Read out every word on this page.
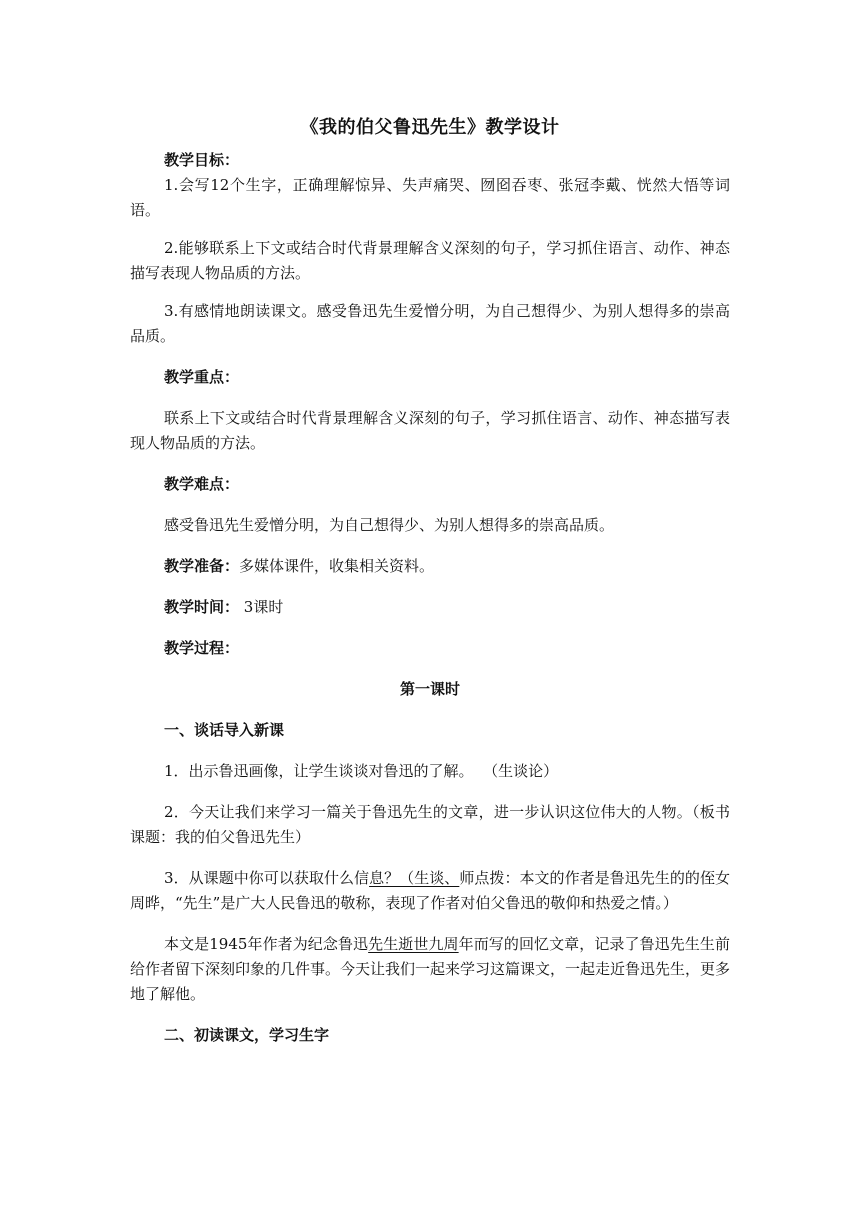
《我的伯父鲁迅先生》教学设计

教学目标：

1.会写12个生字，正确理解惊异、失声痛哭、囫囵吞枣、张冠李戴、恍然大悟等词语。

2.能够联系上下文或结合时代背景理解含义深刻的句子，学习抓住语言、动作、神态描写表现人物品质的方法。

3.有感情地朗读课文。感受鲁迅先生爱憎分明，为自己想得少、为别人想得多的崇高品质。

教学重点：

联系上下文或结合时代背景理解含义深刻的句子，学习抓住语言、动作、神态描写表现人物品质的方法。

教学难点：

感受鲁迅先生爱憎分明，为自己想得少、为别人想得多的崇高品质。

教学准备：多媒体课件，收集相关资料。

教学时间： 3课时

教学过程：

第一课时

一、谈话导入新课

1．出示鲁迅画像，让学生谈谈对鲁迅的了解。  （生谈论）

2．今天让我们来学习一篇关于鲁迅先生的文章，进一步认识这位伟大的人物。（板书课题：我的伯父鲁迅先生）

3．从课题中你可以获取什么信息？（生谈、师点拨：本文的作者是鲁迅先生的的侄女周晔，“先生”是广大人民鲁迅的敬称，表现了作者对伯父鲁迅的敬仰和热爱之情。）

本文是1945年作者为纪念鲁迅先生逝世九周年而写的回忆文章，记录了鲁迅先生生前给作者留下深刻印象的几件事。今天让我们一起来学习这篇课文，一起走近鲁迅先生，更多地了解他。

二、初读课文，学习生字
